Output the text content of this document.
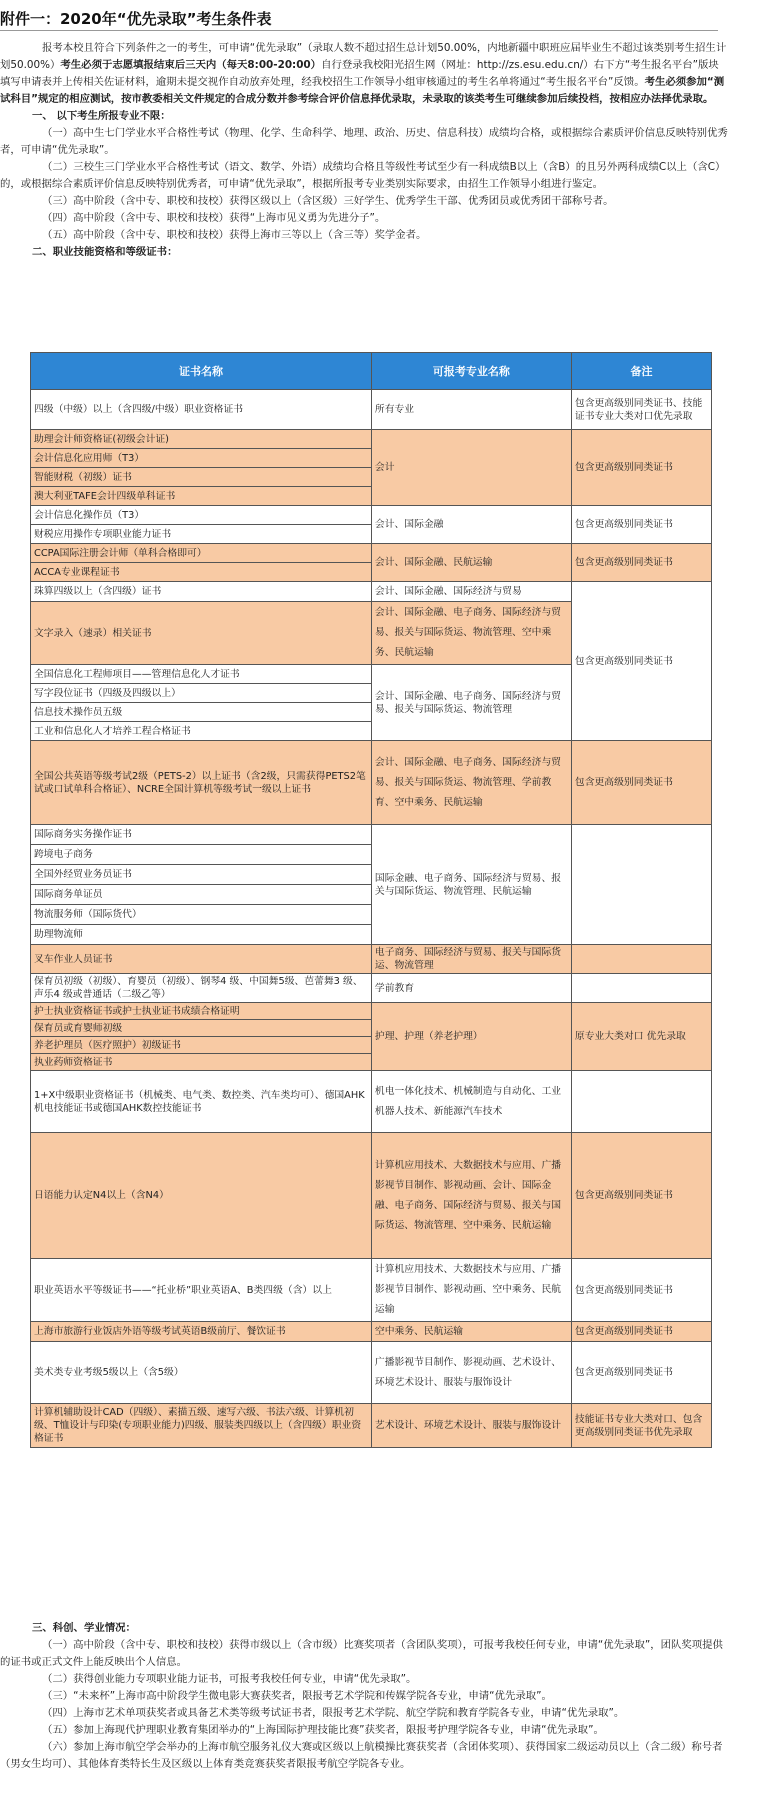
附件一：2020年“优先录取”考生条件表

报考本校且符合下列条件之一的考生，可申请“优先录取”（录取人数不超过招生总计划50.00%，内地新疆中职班应届毕业生不超过该类别考生招生计划50.00%）考生必须于志愿填报结束后三天内（每天8:00-20:00）自行登录我校阳光招生网（网址：http://zs.esu.edu.cn/）右下方“考生报名平台”版块填写申请表并上传相关佐证材料，逾期未提交视作自动放弃处理，经我校招生工作领导小组审核通过的考生名单将通过“考生报名平台”反馈。考生必须参加“测试科目”规定的相应测试，按市教委相关文件规定的合成分数并参考综合评价信息择优录取，未录取的该类考生可继续参加后续投档，按相应办法择优录取。

一、 以下考生所报专业不限：

（一）高中生七门学业水平合格性考试（物理、化学、生命科学、地理、政治、历史、信息科技）成绩均合格，或根据综合素质评价信息反映特别优秀者，可申请“优先录取”。

（二）三校生三门学业水平合格性考试（语文、数学、外语）成绩均合格且等级性考试至少有一科成绩B以上（含B）的且另外两科成绩C以上（含C）的，或根据综合素质评价信息反映特别优秀者，可申请“优先录取”，根据所报考专业类别实际要求，由招生工作领导小组进行鉴定。

（三）高中阶段（含中专、职校和技校）获得区级以上（含区级）三好学生、优秀学生干部、优秀团员或优秀团干部称号者。

（四）高中阶段（含中专、职校和技校）获得“上海市见义勇为先进分子”。

（五）高中阶段（含中专、职校和技校）获得上海市三等以上（含三等）奖学金者。

二、职业技能资格和等级证书：

证书名称	可报考专业名称	备注
四级（中级）以上（含四级/中级）职业资格证书	所有专业	包含更高级别同类证书、技能证书专业大类对口优先录取
助理会计师资格证(初级会计证)	会计	包含更高级别同类证书
会计信息化应用师（T3）		
智能财税（初级）证书		
澳大利亚TAFE会计四级单科证书		
会计信息化操作员（T3）	会计、国际金融	包含更高级别同类证书
财税应用操作专项职业能力证书		
CCPA国际注册会计师（单科合格即可）	会计、国际金融、民航运输	包含更高级别同类证书
ACCA专业课程证书		
珠算四级以上（含四级）证书	会计、国际金融、国际经济与贸易	包含更高级别同类证书
文字录入（速录）相关证书	会计、国际金融、电子商务、国际经济与贸易、报关与国际货运、物流管理、空中乘务、民航运输	
全国信息化工程师项目——管理信息化人才证书	会计、国际金融、电子商务、国际经济与贸易、报关与国际货运、物流管理	
写字段位证书（四级及四级以上）		
信息技术操作员五级		
工业和信息化人才培养工程合格证书		
全国公共英语等级考试2级（PETS-2）以上证书（含2级，只需获得PETS2笔试或口试单科合格证）、NCRE全国计算机等级考试一级以上证书	会计、国际金融、电子商务、国际经济与贸易、报关与国际货运、物流管理、学前教育、空中乘务、民航运输	包含更高级别同类证书
国际商务实务操作证书	国际金融、电子商务、国际经济与贸易、报关与国际货运、物流管理、民航运输	
跨境电子商务		
全国外经贸业务员证书		
国际商务单证员		
物流服务师（国际货代）		
助理物流师		
叉车作业人员证书	电子商务、国际经济与贸易、报关与国际货运、物流管理	
保育员初级（初级）、育婴员（初级）、钢琴4 级、中国舞5级、芭蕾舞3 级、声乐4 级或普通话（二级乙等）	学前教育	
护士执业资格证书或护士执业证书成绩合格证明	护理、护理（养老护理）	原专业大类对口 优先录取
保育员或育婴师初级		
养老护理员（医疗照护）初级证书		
执业药师资格证书		
1+X中级职业资格证书（机械类、电气类、数控类、汽车类均可）、德国AHK机电技能证书或德国AHK数控技能证书	机电一体化技术、机械制造与自动化、工业机器人技术、新能源汽车技术	
日语能力认定N4以上（含N4）	计算机应用技术、大数据技术与应用、广播影视节目制作、影视动画、会计、国际金融、电子商务、国际经济与贸易、报关与国际货运、物流管理、空中乘务、民航运输	包含更高级别同类证书
职业英语水平等级证书——“托业桥”职业英语A、B类四级（含）以上	计算机应用技术、大数据技术与应用、广播影视节目制作、影视动画、空中乘务、民航运输	包含更高级别同类证书
上海市旅游行业饭店外语等级考试英语B级前厅、餐饮证书	空中乘务、民航运输	包含更高级别同类证书
美术类专业考级5级以上（含5级）	广播影视节目制作、影视动画、艺术设计、环境艺术设计、服装与服饰设计	包含更高级别同类证书
计算机辅助设计CAD（四级）、素描五级、速写六级、书法六级、计算机初级、T恤设计与印染(专项职业能力)四级、服装类四级以上（含四级）职业资格证书	艺术设计、环境艺术设计、服装与服饰设计	技能证书专业大类对口、包含更高级别同类证书优先录取

三、科创、学业情况：

（一）高中阶段（含中专、职校和技校）获得市级以上（含市级）比赛奖项者（含团队奖项），可报考我校任何专业，申请“优先录取”，团队奖项提供的证书或正式文件上能反映出个人信息。

（二）获得创业能力专项职业能力证书，可报考我校任何专业，申请“优先录取”。

（三）“未来杯”上海市高中阶段学生微电影大赛获奖者，限报考艺术学院和传媒学院各专业，申请“优先录取”。

（四）上海市艺术单项获奖者或具备艺术类等级考试证书者，限报考艺术学院、航空学院和教育学院各专业，申请“优先录取”。

（五）参加上海现代护理职业教育集团举办的“上海国际护理技能比赛”获奖者，限报考护理学院各专业，申请“优先录取”。

（六）参加上海市航空学会举办的上海市航空服务礼仪大赛或区级以上航模操比赛获奖者（含团体奖项）、获得国家二级运动员以上（含二级）称号者（男女生均可）、其他体育类特长生及区级以上体育类竞赛获奖者限报考航空学院各专业。
